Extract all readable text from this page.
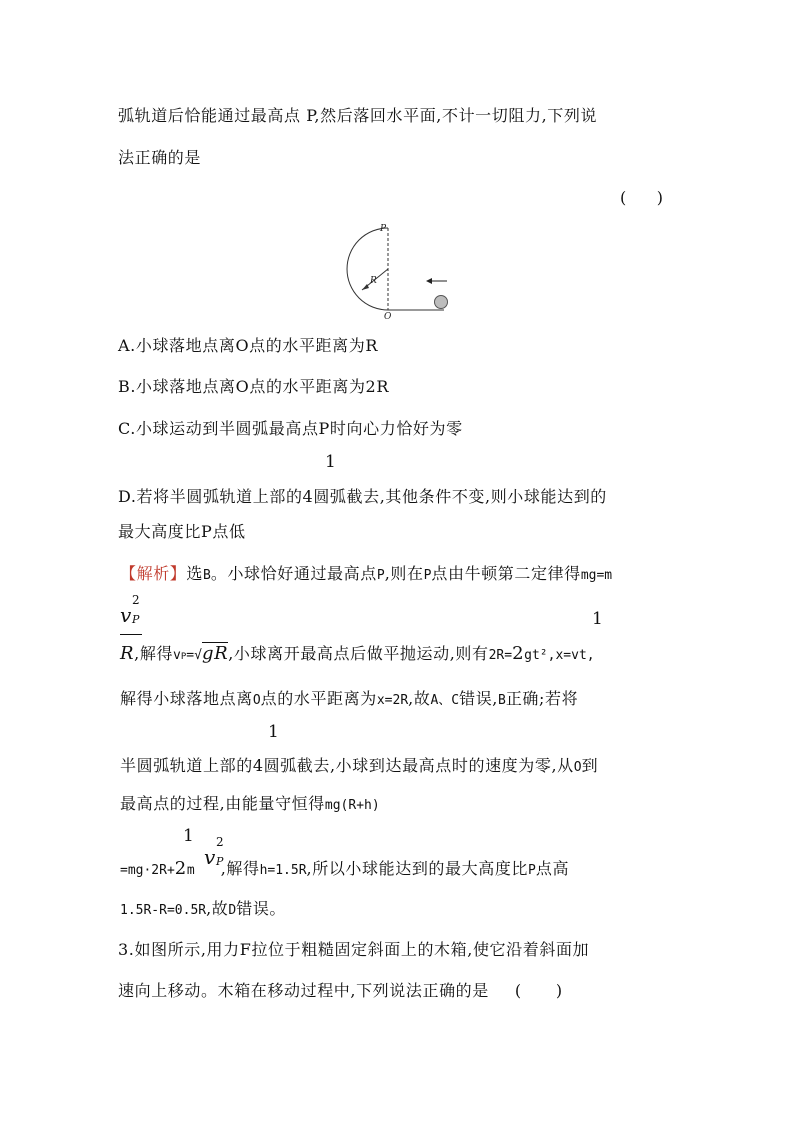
弧轨道后恰能通过最高点 P,然后落回水平面,不计一切阻力,下列说
法正确的是
(      )
P
R
O
A.小球落地点离O点的水平距离为R
B.小球落地点离O点的水平距离为2R
C.小球运动到半圆弧最高点P时向心力恰好为零
1
D.若将半圆弧轨道上部的4圆弧截去,其他条件不变,则小球能达到的
最大高度比P点低
【解析】选B。小球恰好通过最高点P,则在P点由牛顿第二定律得mg=m
v
2
P
R,解得vP=√gR,小球离开最高点后做平抛运动,则有2R=2gt²,x=vt,
1
解得小球落地点离O点的水平距离为x=2R,故A、C错误,B正确;若将
1
半圆弧轨道上部的4圆弧截去,小球到达最高点时的速度为零,从O到
最高点的过程,由能量守恒得mg(R+h)
1
v
2
P
=mg·2R+2m ,解得h=1.5R,所以小球能达到的最大高度比P点高
1.5R-R=0.5R,故D错误。
3.如图所示,用力F拉位于粗糙固定斜面上的木箱,使它沿着斜面加
速向上移动。木箱在移动过程中,下列说法正确的是 (      )
